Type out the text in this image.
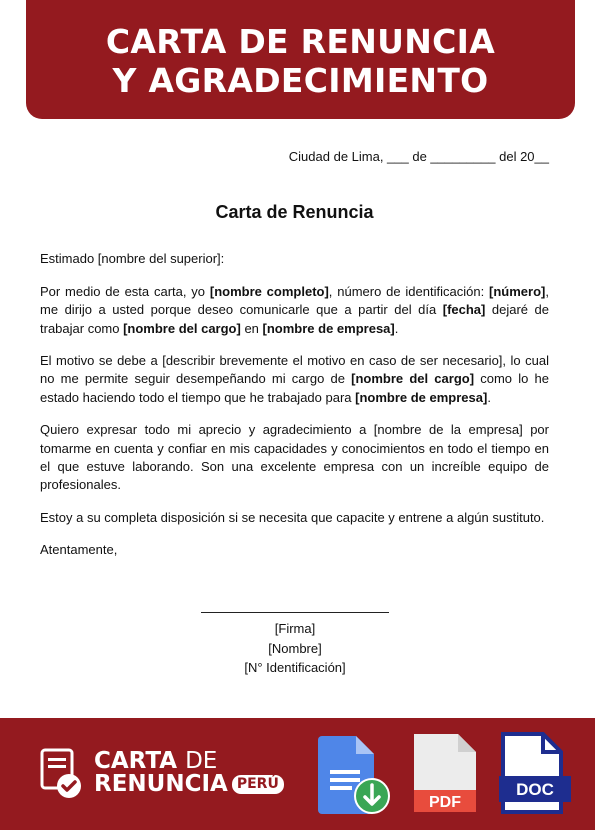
CARTA DE RENUNCIA
Y AGRADECIMIENTO

Ciudad de Lima, ___ de _________ del 20__

Carta de Renuncia

Estimado [nombre del superior]:

Por medio de esta carta, yo [nombre completo], número de identificación: [número], me dirijo a usted porque deseo comunicarle que a partir del día [fecha] dejaré de trabajar como [nombre del cargo] en [nombre de empresa].

El motivo se debe a [describir brevemente el motivo en caso de ser necesario], lo cual no me permite seguir desempeñando mi cargo de [nombre del cargo] como lo he estado haciendo todo el tiempo que he trabajado para [nombre de empresa].

Quiero expresar todo mi aprecio y agradecimiento a [nombre de la empresa] por tomarme en cuenta y confiar en mis capacidades y conocimientos en todo el tiempo en el que estuve laborando. Son una excelente empresa con un increíble equipo de profesionales.

Estoy a su completa disposición si se necesita que capacite y entrene a algún sustituto.

Atentamente,

[Firma]
[Nombre]
[N° Identificación]
CARTA DE
RENUNCIA PERÚ
PDF
DOC
